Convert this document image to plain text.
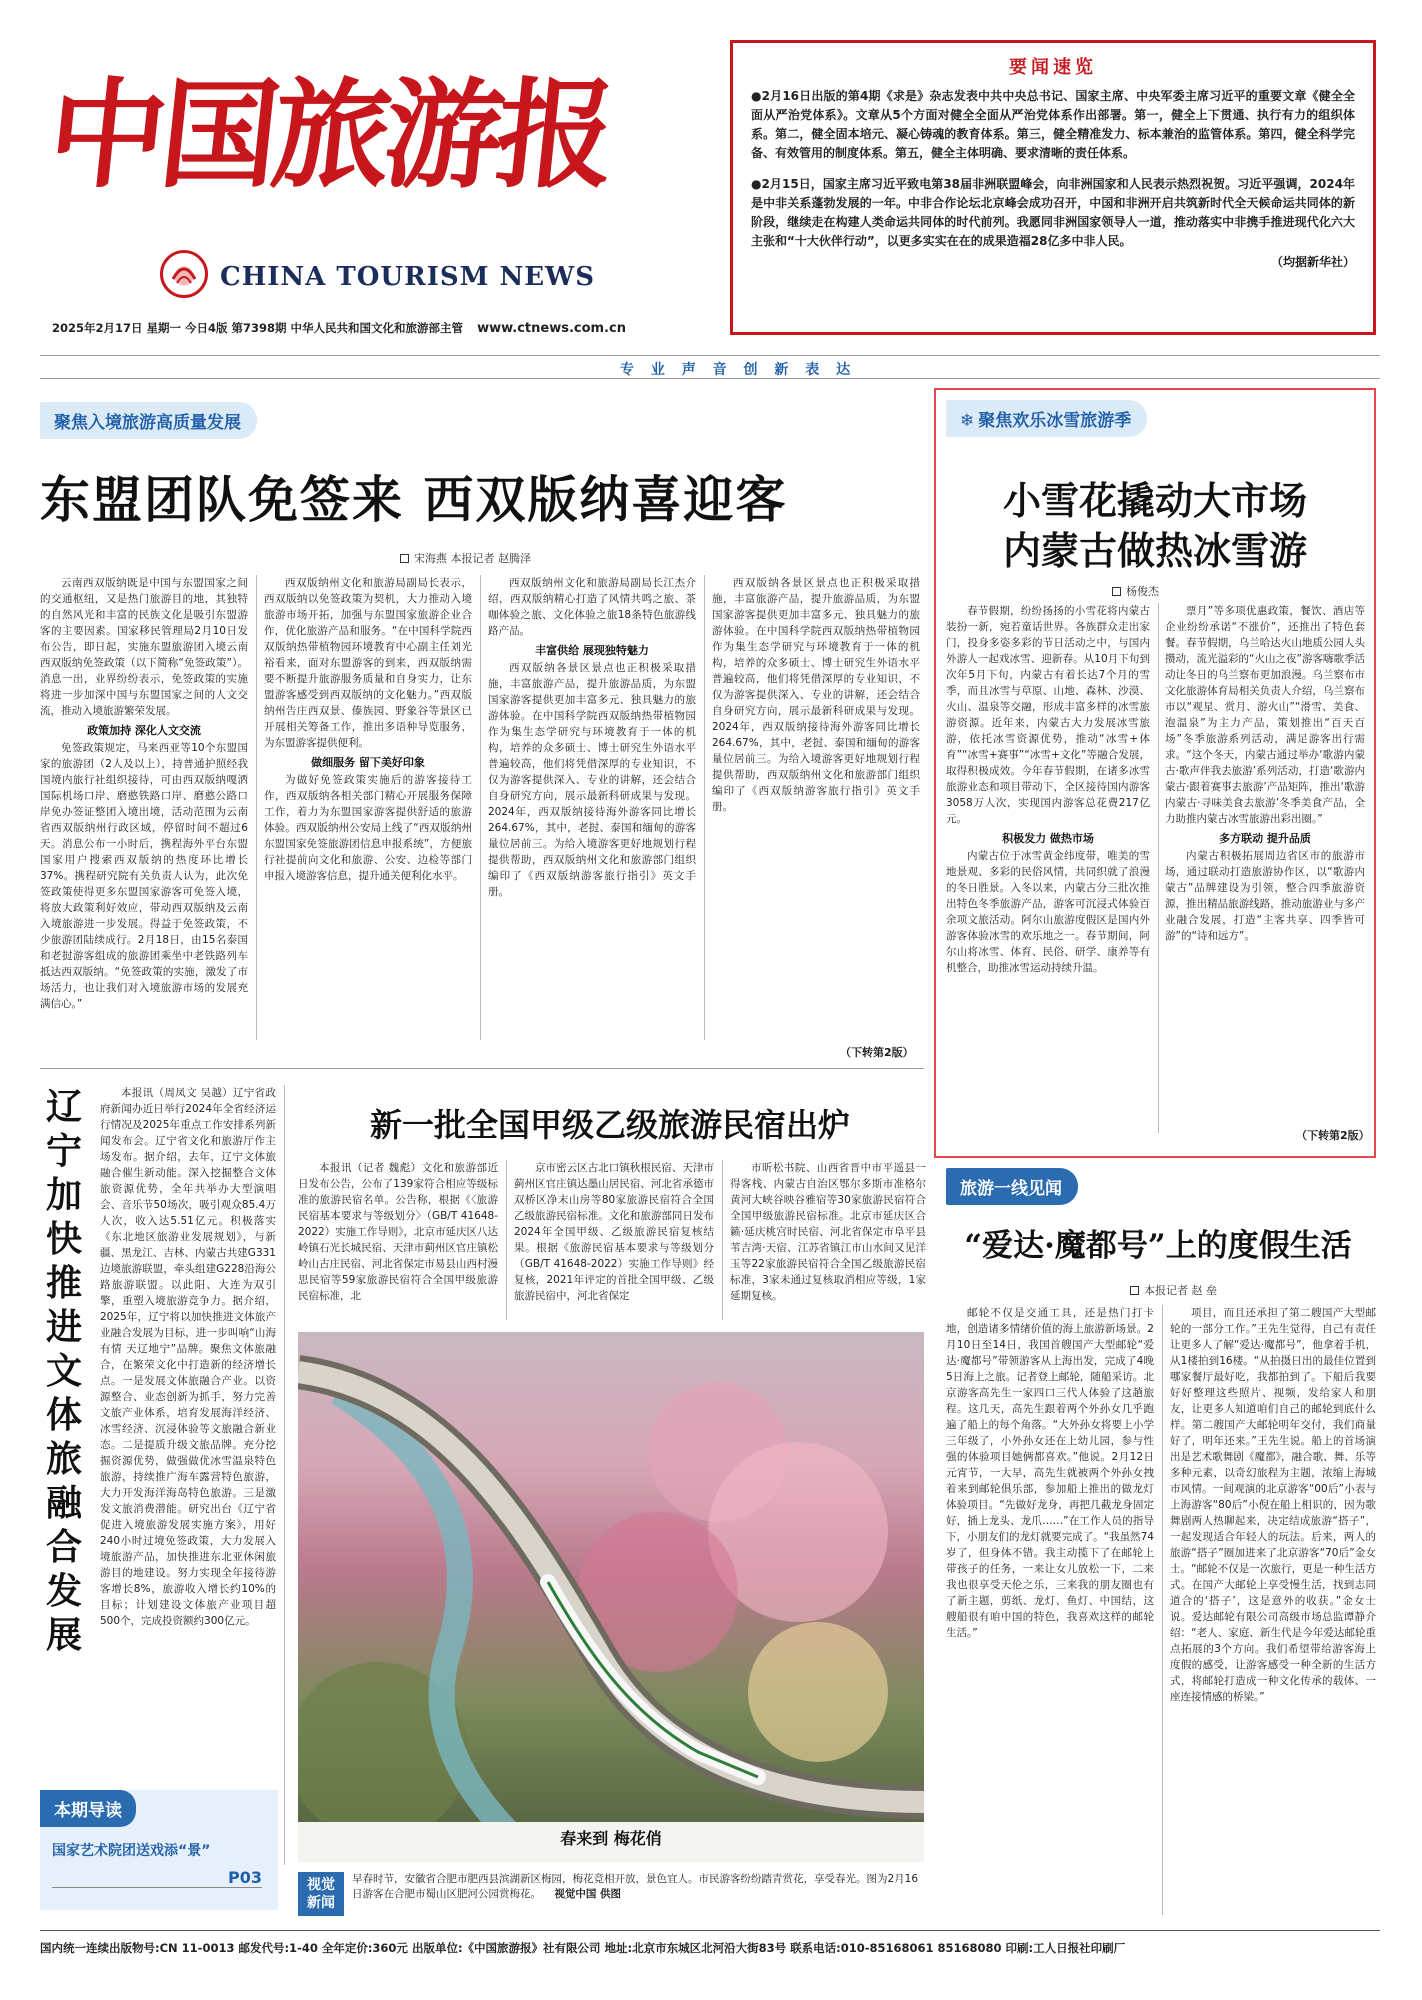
中国旅游报
CHINA TOURISM NEWS
2025年2月17日 星期一 今日4版 第7398期 中华人民共和国文化和旅游部主管 www.ctnews.com.cn
要闻速览
●2月16日出版的第4期《求是》杂志发表中共中央总书记、国家主席、中央军委主席习近平的重要文章《健全全面从严治党体系》。文章从5个方面对健全全面从严治党体系作出部署。第一，健全上下贯通、执行有力的组织体系。第二，健全固本培元、凝心铸魂的教育体系。第三，健全精准发力、标本兼治的监管体系。第四，健全科学完备、有效管用的制度体系。第五，健全主体明确、要求清晰的责任体系。
●2月15日，国家主席习近平致电第38届非洲联盟峰会，向非洲国家和人民表示热烈祝贺。习近平强调，2024年是中非关系蓬勃发展的一年。中非合作论坛北京峰会成功召开，中国和非洲开启共筑新时代全天候命运共同体的新阶段，继续走在构建人类命运共同体的时代前列。我愿同非洲国家领导人一道，推动落实中非携手推进现代化六大主张和“十大伙伴行动”，以更多实实在在的成果造福28亿多中非人民。
（均据新华社）
专 业 声 音 创 新 表 达
聚焦入境旅游高质量发展
东盟团队免签来 西双版纳喜迎客
宋海燕 本报记者 赵腾泽

云南西双版纳既是中国与东盟国家之间的交通枢纽，又是热门旅游目的地，其独特的自然风光和丰富的民族文化是吸引东盟游客的主要因素。国家移民管理局2月10日发布公告，即日起，实施东盟旅游团入境云南西双版纳免签政策（以下简称“免签政策”）。消息一出，业界纷纷表示，免签政策的实施将进一步加深中国与东盟国家之间的人文交流，推动入境旅游繁荣发展。

政策加持 深化人文交流

免签政策规定，马来西亚等10个东盟国家的旅游团（2人及以上），持普通护照经我国境内旅行社组织接待，可由西双版纳嘎洒国际机场口岸、磨憨铁路口岸、磨憨公路口岸免办签证整团入境出境，活动范围为云南省西双版纳州行政区域，停留时间不超过6天。消息公布一小时后，携程海外平台东盟国家用户搜索西双版纳的热度环比增长37%。携程研究院有关负责人认为，此次免签政策使得更多东盟国家游客可免签入境，将放大政策利好效应，带动西双版纳及云南入境旅游进一步发展。得益于免签政策，不少旅游团陆续成行。2月18日，由15名泰国和老挝游客组成的旅游团乘坐中老铁路列车抵达西双版纳。“免签政策的实施，激发了市场活力，也让我们对入境旅游市场的发展充满信心。”

西双版纳州文化和旅游局副局长表示，西双版纳以免签政策为契机，大力推动入境旅游市场开拓，加强与东盟国家旅游企业合作，优化旅游产品和服务。“在中国科学院西双版纳热带植物园环境教育中心副主任刘光裕看来，面对东盟游客的到来，西双版纳需要不断提升旅游服务质量和自身实力，让东盟游客感受到西双版纳的文化魅力。”西双版纳州告庄西双景、傣族园、野象谷等景区已开展相关筹备工作，推出多语种导览服务，为东盟游客提供便利。

做细服务 留下美好印象

为做好免签政策实施后的游客接待工作，西双版纳各相关部门精心开展服务保障工作，着力为东盟国家游客提供舒适的旅游体验。西双版纳州公安局上线了“西双版纳州东盟国家免签旅游团信息申报系统”，方便旅行社提前向文化和旅游、公安、边检等部门申报入境游客信息，提升通关便利化水平。

西双版纳州文化和旅游局副局长江杰介绍，西双版纳精心打造了风情共鸣之旅、茶咖体验之旅、文化体验之旅18条特色旅游线路产品。

丰富供给 展现独特魅力

西双版纳各景区景点也正积极采取措施，丰富旅游产品，提升旅游品质，为东盟国家游客提供更加丰富多元、独具魅力的旅游体验。在中国科学院西双版纳热带植物园作为集生态学研究与环境教育于一体的机构，培养的众多硕士、博士研究生外语水平普遍较高，他们将凭借深厚的专业知识，不仅为游客提供深入、专业的讲解，还会结合自身研究方向，展示最新科研成果与发现。2024年，西双版纳接待海外游客同比增长264.67%，其中，老挝、泰国和缅甸的游客量位居前三。为给入境游客更好地规划行程提供帮助，西双版纳州文化和旅游部门组织编印了《西双版纳游客旅行指引》英文手册。

西双版纳各景区景点也正积极采取措施，丰富旅游产品，提升旅游品质，为东盟国家游客提供更加丰富多元、独具魅力的旅游体验。在中国科学院西双版纳热带植物园作为集生态学研究与环境教育于一体的机构，培养的众多硕士、博士研究生外语水平普遍较高，他们将凭借深厚的专业知识，不仅为游客提供深入、专业的讲解，还会结合自身研究方向，展示最新科研成果与发现。2024年，西双版纳接待海外游客同比增长264.67%，其中，老挝、泰国和缅甸的游客量位居前三。为给入境游客更好地规划行程提供帮助，西双版纳州文化和旅游部门组织编印了《西双版纳游客旅行指引》英文手册。

（下转第2版）
❄ 聚焦欢乐冰雪旅游季
小雪花撬动大市场
内蒙古做热冰雪游
杨俊杰

春节假期，纷纷扬扬的小雪花将内蒙古装扮一新，宛若童话世界。各族群众走出家门，投身多姿多彩的节日活动之中，与国内外游人一起戏冰雪、迎新春。从10月下旬到次年5月下旬，内蒙古有着长达7个月的雪季，而且冰雪与草原、山地、森林、沙漠、火山、温泉等交融，形成丰富多样的冰雪旅游资源。近年来，内蒙古大力发展冰雪旅游，依托冰雪资源优势，推动“冰雪+体育”“冰雪+赛事”“冰雪+文化”等融合发展，取得积极成效。今年春节假期，在诸多冰雪旅游业态和项目带动下，全区接待国内游客3058万人次，实现国内游客总花费217亿元。

积极发力 做热市场

内蒙古位于冰雪黄金纬度带，唯美的雪地景观、多彩的民俗风情，共同织就了浪漫的冬日胜景。入冬以来，内蒙古分三批次推出特色冬季旅游产品，游客可沉浸式体验百余项文旅活动。阿尔山旅游度假区是国内外游客体验冰雪的欢乐地之一。春节期间，阿尔山将冰雪、体育、民俗、研学、康养等有机整合，助推冰雪运动持续升温。

票月”等多项优惠政策，餐饮、酒店等企业纷纷承诺“不涨价”，还推出了特色套餐。春节假期，乌兰哈达火山地质公园人头攒动，流光溢彩的“火山之夜”游客嗨歌季活动让冬日的乌兰察布更加浪漫。乌兰察布市文化旅游体育局相关负责人介绍，乌兰察布市以“观星、赏月、游火山”“滑雪、美食、泡温泉”为主力产品，策划推出“百天百场”冬季旅游系列活动，满足游客出行需求。“这个冬天，内蒙古通过举办‘歌游内蒙古·歌声伴我去旅游’系列活动，打造‘歌游内蒙古·跟着赛事去旅游’产品矩阵，推出‘歌游内蒙古·寻味美食去旅游’冬季美食产品，全力助推内蒙古冰雪旅游出彩出圈。”

多方联动 提升品质

内蒙古积极拓展周边省区市的旅游市场，通过联动打造旅游协作区，以“歌游内蒙古”品牌建设为引领，整合四季旅游资源，推出精品旅游线路，推动旅游业与多产业融合发展，打造“主客共享、四季皆可游”的“诗和远方”。

（下转第2版）
辽宁加快推进文体旅融合发展

本报讯（周凤文 吴越）辽宁省政府新闻办近日举行2024年全省经济运行情况及2025年重点工作安排系列新闻发布会。辽宁省文化和旅游厅作主场发布。据介绍，去年，辽宁文体旅融合催生新动能。深入挖掘整合文体旅资源优势，全年共举办大型演唱会、音乐节50场次，吸引观众85.4万人次，收入达5.51亿元。积极落实《东北地区旅游业发展规划》，与新疆、黑龙江、吉林、内蒙古共建G331边境旅游联盟，牵头组建G228沿海公路旅游联盟。以此阳、大连为双引擎，重塑入境旅游竞争力。据介绍，2025年，辽宁将以加快推进文体旅产业融合发展为目标，进一步叫响“山海有情 天辽地宁”品牌。聚焦文体旅融合，在繁荣文化中打造新的经济增长点。一是发展文体旅融合产业。以资源整合、业态创新为抓手，努力完善文旅产业体系，培育发展海洋经济、冰雪经济、沉浸体验等文旅融合新业态。二是提质升级文旅品牌。充分挖掘资源优势，做强做优冰雪温泉特色旅游，持续推广海车露营特色旅游，大力开发海洋海岛特色旅游。三是激发文旅消费潜能。研究出台《辽宁省促进入境旅游发展实施方案》，用好240小时过境免签政策，大力发展入境旅游产品，加快推进东北亚休闲旅游目的地建设。努力实现全年接待游客增长8%，旅游收入增长约10%的目标；计划建设文体旅产业项目超500个，完成投资额约300亿元。

本期导读
国家艺术院团送戏添“景”
P03
新一批全国甲级乙级旅游民宿出炉

本报讯（记者 魏彪）文化和旅游部近日发布公告，公布了139家符合相应等级标准的旅游民宿名单。公告称，根据《〈旅游民宿基本要求与等级划分〉（GB/T 41648-2022）实施工作导则》，北京市延庆区八达岭镇石光长城民宿、天津市蓟州区官庄镇松岭山古庄民宿、河北省保定市易县山西村漫思民宿等59家旅游民宿符合全国甲级旅游民宿标准，北

京市密云区古北口镇秋根民宿、天津市蓟州区官庄镇达墨山居民宿、河北省承德市双桥区净末山房等80家旅游民宿符合全国乙级旅游民宿标准。文化和旅游部同日发布2024年全国甲级、乙级旅游民宿复核结果。根据《旅游民宿基本要求与等级划分（GB/T 41648-2022）实施工作导则》经复核，2021年评定的首批全国甲级、乙级旅游民宿中，河北省保定

市昕松书院、山西省晋中市平遥县一得客栈、内蒙古自治区鄂尔多斯市准格尔黄河大峡谷映谷雅宿等30家旅游民宿符合全国甲级旅游民宿标准。北京市延庆区合籁·延庆桃宫时民宿、河北省保定市阜平县苇吉湾·天宿、江苏省镇江市山水间又见洋玉等22家旅游民宿符合全国乙级旅游民宿标准，3家未通过复核取消相应等级，1家延期复核。

春来到 梅花俏
视觉新闻
早春时节，安徽省合肥市肥西县滨湖新区梅园，梅花竞相开放，景色宜人。市民游客纷纷踏青赏花，享受春光。图为2月16日游客在合肥市蜀山区肥河公园赏梅花。 视觉中国 供图
旅游一线见闻
“爱达·魔都号”上的度假生活
本报记者 赵 垒

邮轮不仅是交通工具，还是热门打卡地，创造诸多情绪价值的海上旅游新场景。2月10日至14日，我国首艘国产大型邮轮“爱达·魔都号”带领游客从上海出发，完成了4晚5日海上之旅。记者登上邮轮，随船采访。北京游客高先生一家四口三代人体验了这趟旅程。这几天，高先生跟着两个外孙女几乎跑遍了船上的每个角落。“大外孙女将要上小学三年级了，小外孙女还在上幼儿园，参与性强的体验项目她俩都喜欢。”他说。2月12日元宵节，一大早，高先生就被两个外孙女拽着来到邮轮俱乐部，参加船上推出的做龙灯体验项目。“先做好龙身，再把几截龙身固定好，插上龙头、龙爪……”在工作人员的指导下，小朋友们的龙灯就要完成了。“我虽然74岁了，但身体不错。我主动揽下了在邮轮上带孩子的任务，一来让女儿放松一下，二来我也很享受天伦之乐，三来我的朋友圈也有了新主题，剪纸、龙灯、鱼灯、中国结，这艘船很有咱中国的特色，我喜欢这样的邮轮生活。”

项目，而且还承担了第二艘国产大型邮轮的一部分工作。”王先生觉得，自己有责任让更多人了解“爱达·魔都号”，他拿着手机，从1楼拍到16楼。“从拍摄日出的最佳位置到哪家餐厅最好吃，我都拍到了。下船后我要好好整理这些照片、视频，发给家人和朋友，让更多人知道咱们自己的邮轮到底什么样。第二艘国产大邮轮明年交付，我们商量好了，明年还来。”王先生说。船上的首场演出是艺术歌舞剧《魔都》，融合歌、舞、乐等多种元素，以奇幻旅程为主题，浓缩上海城市风情。一间观演的北京游客“00后”小表与上海游客“80后”小倪在船上相识的，因为歌舞剧两人热聊起来，决定结成旅游“搭子”，一起发现适合年轻人的玩法。后来，两人的旅游“搭子”圈加进来了北京游客“70后”金女士。“邮轮不仅是一次旅行，更是一种生活方式。在国产大邮轮上享受慢生活，找到志同道合的‘搭子’，这是意外的收获。”金女士说。爱达邮轮有限公司高级市场总监谭静介绍：“老人、家庭、新生代是今年爱达邮轮重点拓展的3个方向。我们希望带给游客海上度假的感受，让游客感受一种全新的生活方式，将邮轮打造成一种文化传承的载体、一座连接情感的桥梁。”

国内统一连续出版物号:CN 11-0013 邮发代号:1-40 全年定价:360元 出版单位:《中国旅游报》社有限公司 地址:北京市东城区北河沿大街83号 联系电话:010-85168061 85168080 印刷:工人日报社印刷厂
